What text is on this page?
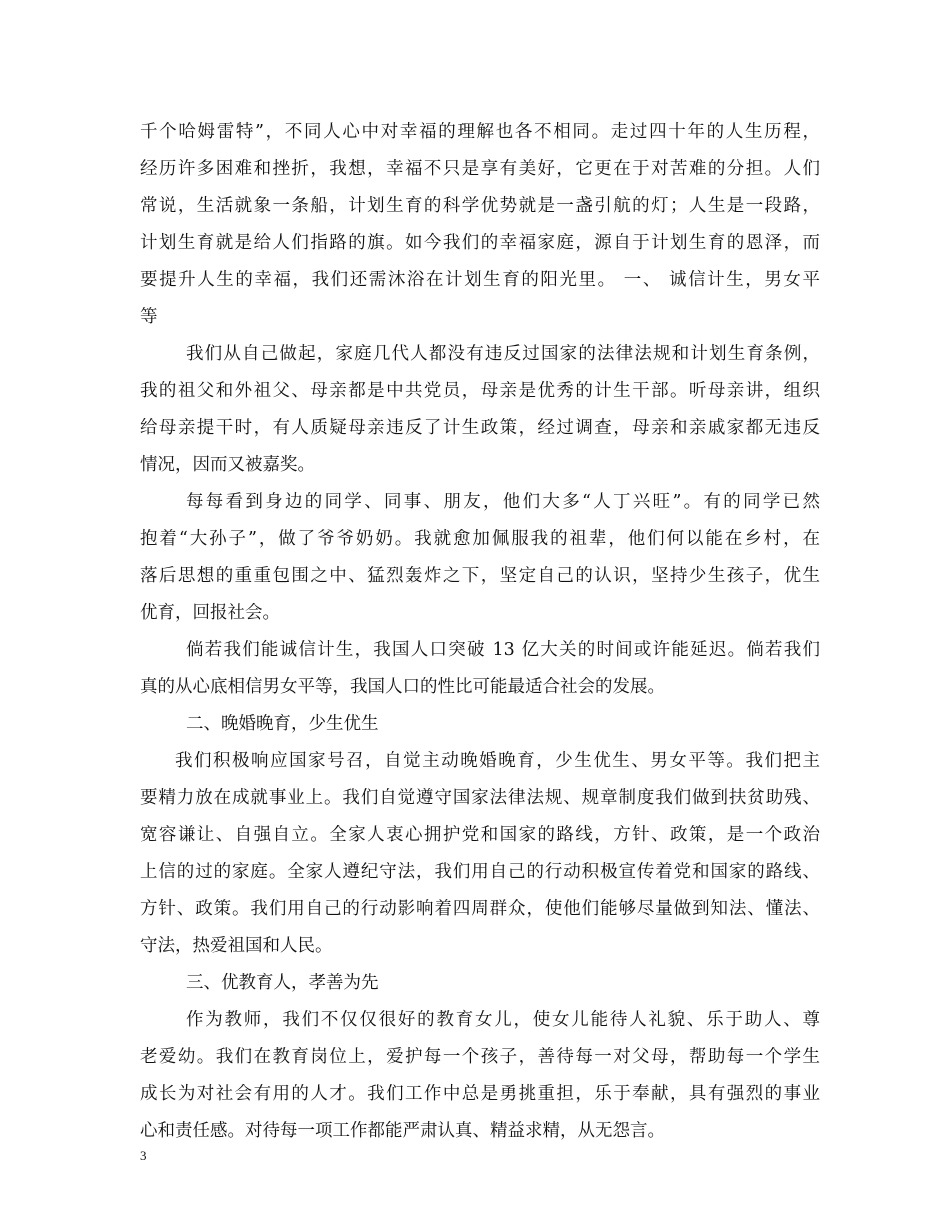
千个哈姆雷特”，不同人心中对幸福的理解也各不相同。走过四十年的人生历程，
经历许多困难和挫折，我想，幸福不只是享有美好，它更在于对苦难的分担。人们
常说，生活就象一条船，计划生育的科学优势就是一盏引航的灯；人生是一段路，
计划生育就是给人们指路的旗。如今我们的幸福家庭，源自于计划生育的恩泽，而
要提升人生的幸福，我们还需沐浴在计划生育的阳光里。 一、 诚信计生，男女平
等
我们从自己做起，家庭几代人都没有违反过国家的法律法规和计划生育条例，
我的祖父和外祖父、母亲都是中共党员，母亲是优秀的计生干部。听母亲讲，组织
给母亲提干时，有人质疑母亲违反了计生政策，经过调查，母亲和亲戚家都无违反
情况，因而又被嘉奖。
每每看到身边的同学、同事、朋友，他们大多“人丁兴旺”。有的同学已然
抱着“大孙子”，做了爷爷奶奶。我就愈加佩服我的祖辈，他们何以能在乡村，在
落后思想的重重包围之中、猛烈轰炸之下，坚定自己的认识，坚持少生孩子，优生
优育，回报社会。
倘若我们能诚信计生，我国人口突破 13 亿大关的时间或许能延迟。倘若我们
真的从心底相信男女平等，我国人口的性比可能最适合社会的发展。
二、晚婚晚育，少生优生
我们积极响应国家号召，自觉主动晚婚晚育，少生优生、男女平等。我们把主
要精力放在成就事业上。我们自觉遵守国家法律法规、规章制度我们做到扶贫助残、
宽容谦让、自强自立。全家人衷心拥护党和国家的路线，方针、政策，是一个政治
上信的过的家庭。全家人遵纪守法，我们用自己的行动积极宣传着党和国家的路线、
方针、政策。我们用自己的行动影响着四周群众，使他们能够尽量做到知法、懂法、
守法，热爱祖国和人民。
三、优教育人，孝善为先
作为教师，我们不仅仅很好的教育女儿，使女儿能待人礼貌、乐于助人、尊
老爱幼。我们在教育岗位上，爱护每一个孩子，善待每一对父母，帮助每一个学生
成长为对社会有用的人才。我们工作中总是勇挑重担，乐于奉献，具有强烈的事业
心和责任感。对待每一项工作都能严肃认真、精益求精，从无怨言。
3
